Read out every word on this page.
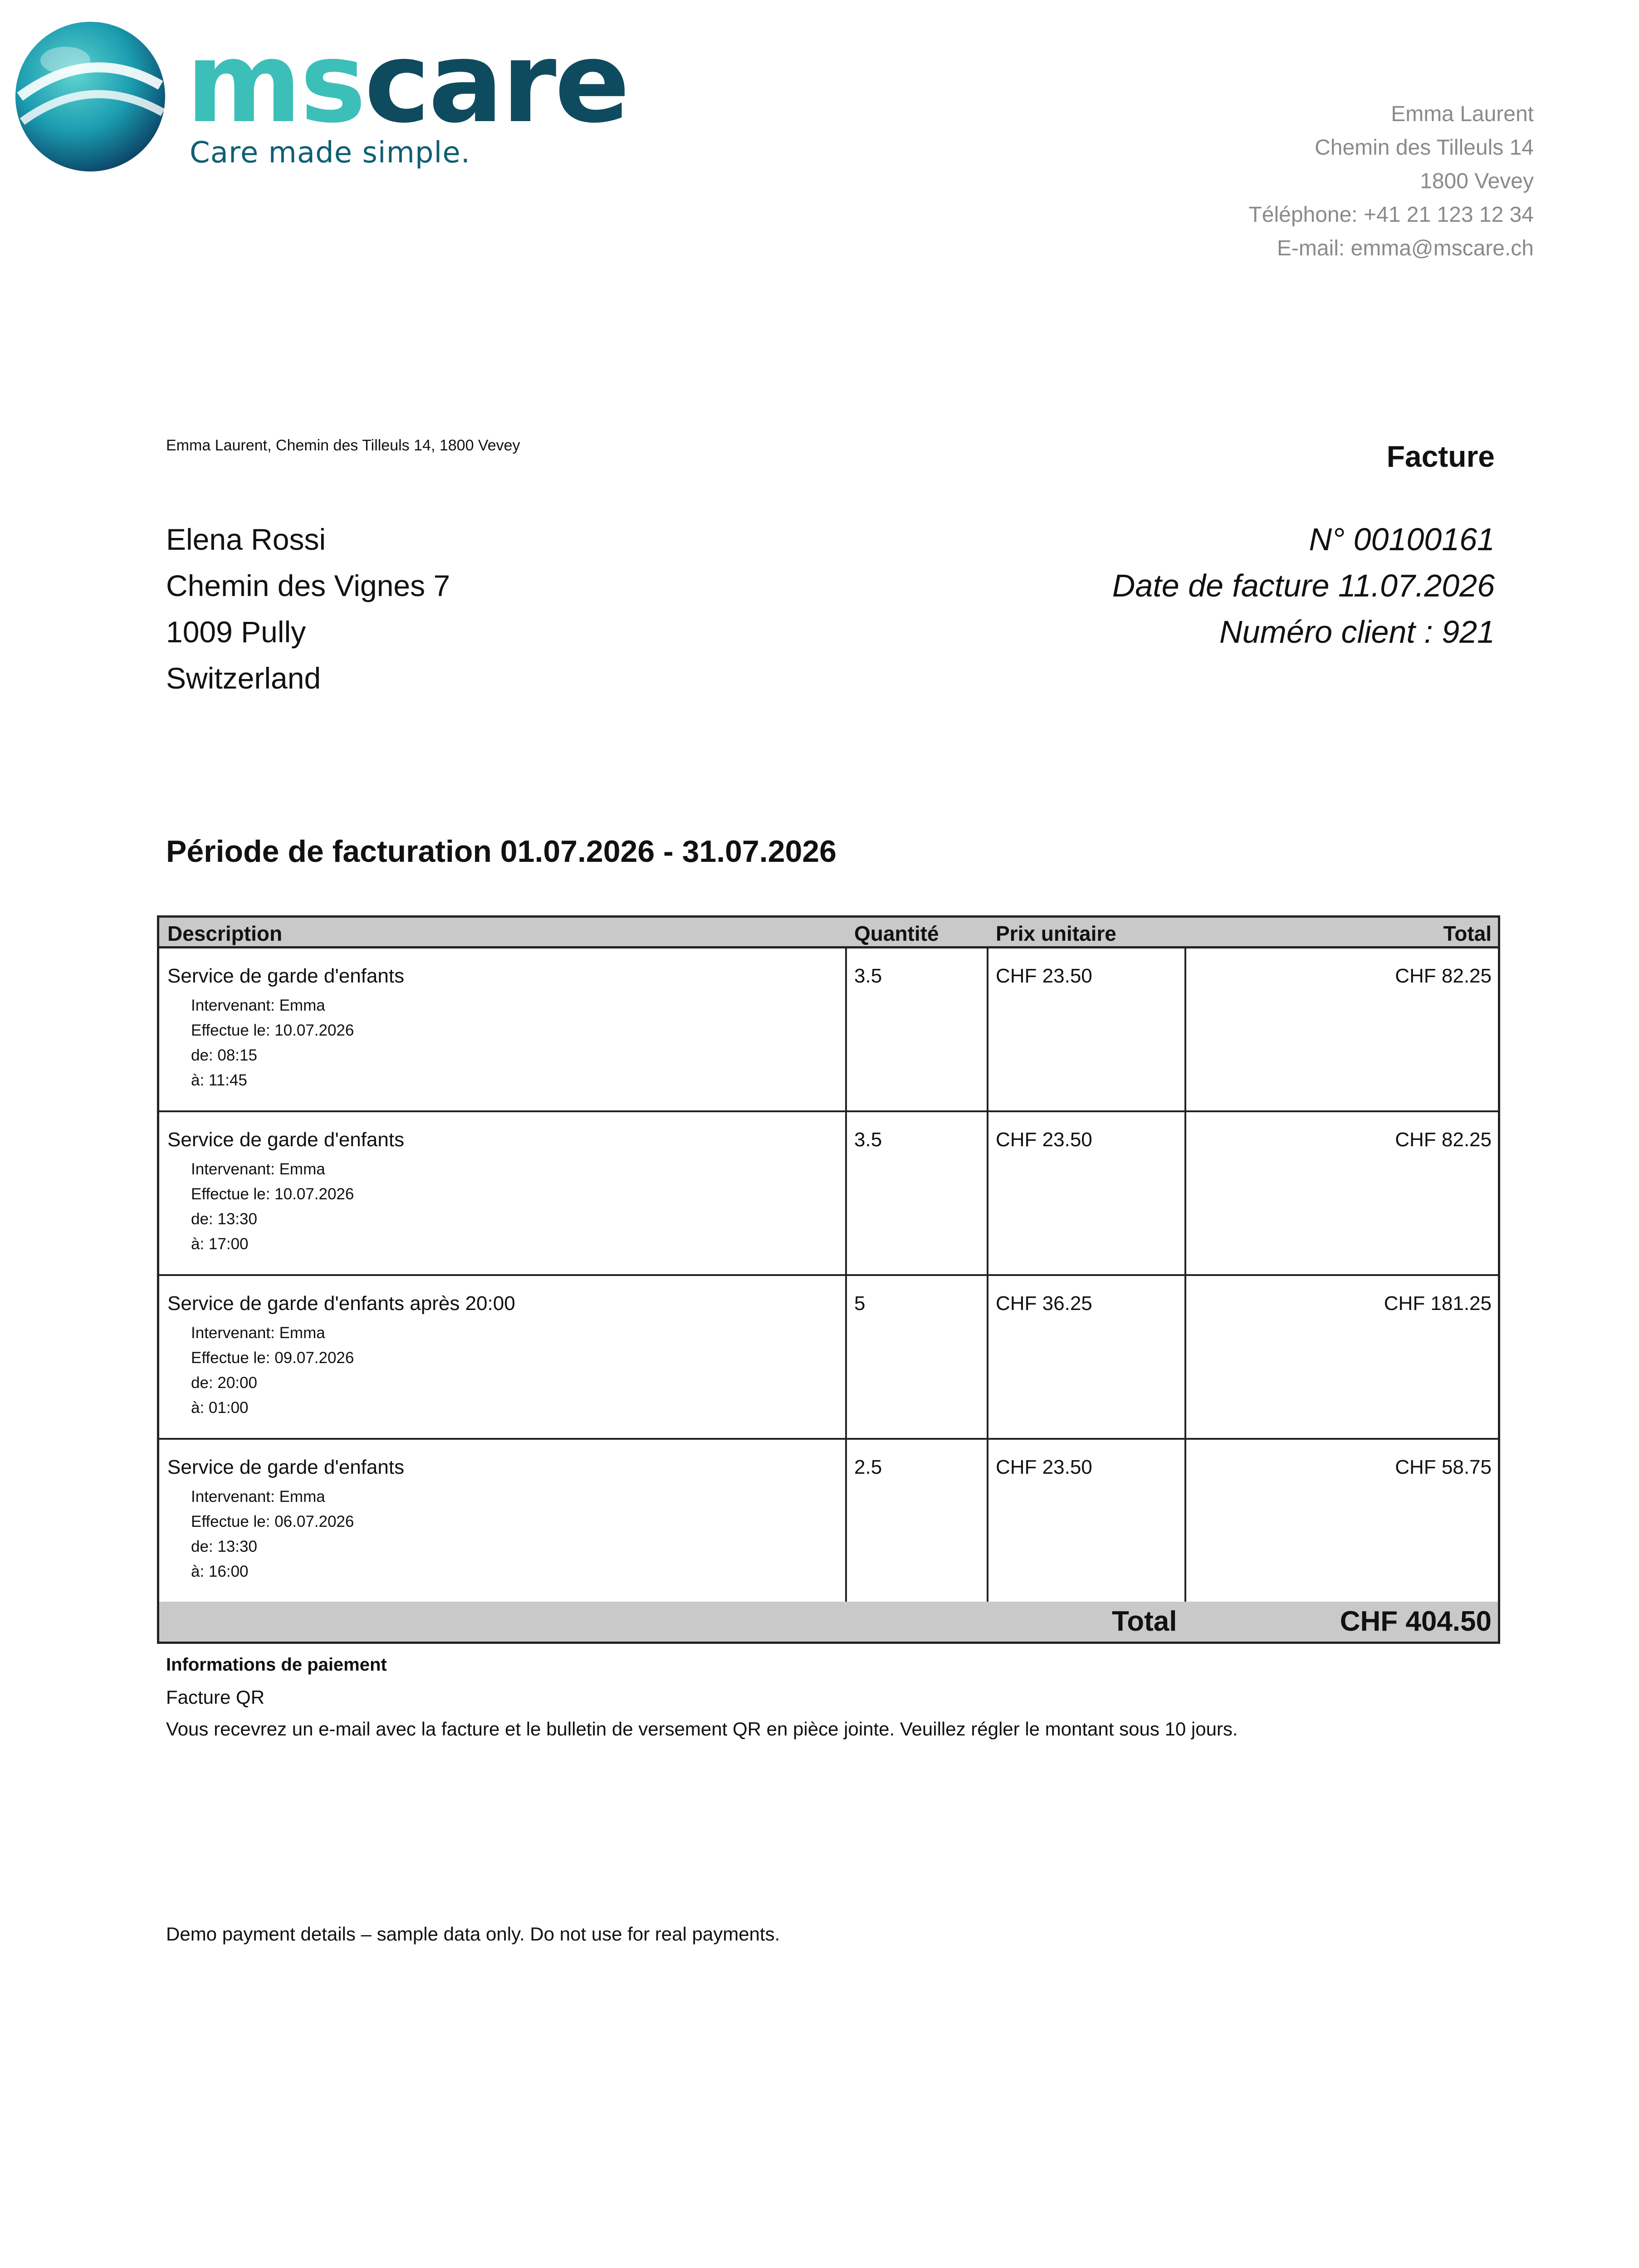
mscare
Care made simple.
Emma Laurent
Chemin des Tilleuls 14
1800 Vevey
Téléphone: +41 21 123 12 34
E-mail: emma@mscare.ch
Emma Laurent, Chemin des Tilleuls 14, 1800 Vevey	Facture
Elena Rossi
Chemin des Vignes 7
1009 Pully
Switzerland
N° 00100161
Date de facture 11.07.2026
Numéro client : 921
Période de facturation 01.07.2026 - 31.07.2026
Description	Quantité	Prix unitaire	Total
Service de garde d'enfants
Intervenant: Emma
Effectue le: 10.07.2026
de: 08:15
à: 11:45
3.5	CHF 23.50	CHF 82.25
Service de garde d'enfants
Intervenant: Emma
Effectue le: 10.07.2026
de: 13:30
à: 17:00
3.5	CHF 23.50	CHF 82.25
Service de garde d'enfants après 20:00
Intervenant: Emma
Effectue le: 09.07.2026
de: 20:00
à: 01:00
5	CHF 36.25	CHF 181.25
Service de garde d'enfants
Intervenant: Emma
Effectue le: 06.07.2026
de: 13:30
à: 16:00
2.5	CHF 23.50	CHF 58.75
Total	CHF 404.50
Informations de paiement
Facture QR
Vous recevrez un e-mail avec la facture et le bulletin de versement QR en pièce jointe. Veuillez régler le montant sous 10 jours.
Demo payment details – sample data only. Do not use for real payments.
